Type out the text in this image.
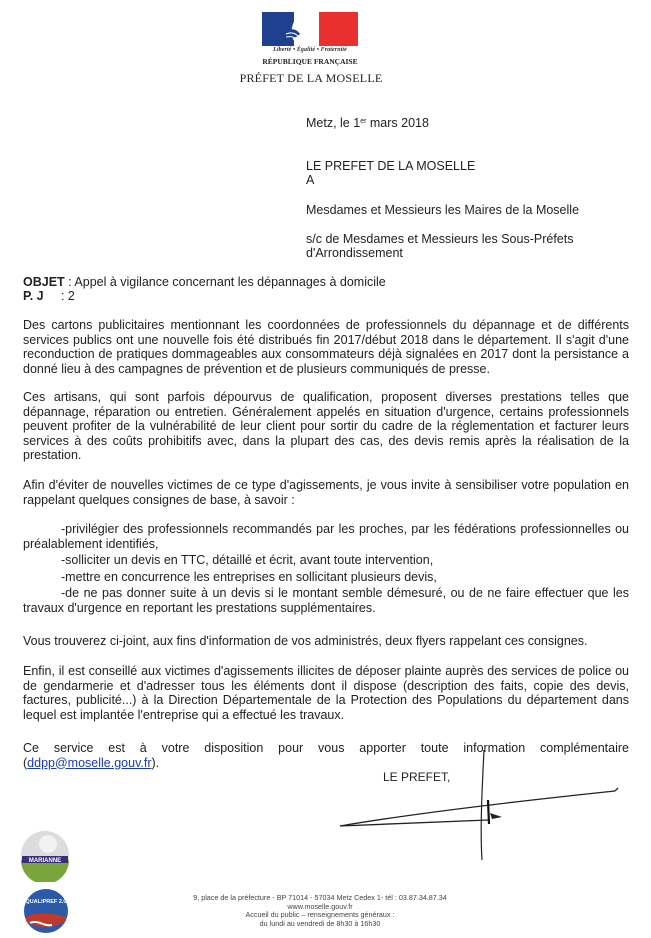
Liberté • Égalité • Fraternité
RÉPUBLIQUE FRANÇAISE
PRÉFET DE LA MOSELLE
Metz, le 1er mars 2018
LE PREFET DE LA MOSELLE
A
Mesdames et Messieurs les Maires de la Moselle
s/c de Mesdames et Messieurs les Sous-Préfets
d'Arrondissement
OBJET : Appel à vigilance concernant les dépannages à domicile
P. J     : 2

Des cartons publicitaires mentionnant les coordonnées de professionnels du dépannage et de différents services publics ont une nouvelle fois été distribués fin 2017/début 2018 dans le département. Il s'agit d'une reconduction de pratiques dommageables aux consommateurs déjà signalées en 2017 dont la persistance a donné lieu à des campagnes de prévention et de plusieurs communiqués de presse.

Ces artisans, qui sont parfois dépourvus de qualification, proposent diverses prestations telles que dépannage, réparation ou entretien. Généralement appelés en situation d'urgence, certains professionnels peuvent profiter de la vulnérabilité de leur client pour sortir du cadre de la réglementation et facturer leurs services à des coûts prohibitifs avec, dans la plupart des cas, des devis remis après la réalisation de la prestation.

Afin d'éviter de nouvelles victimes de ce type d'agissements, je vous invite à sensibiliser votre population en rappelant quelques consignes de base, à savoir :

-privilégier des professionnels recommandés par les proches, par les fédérations professionnelles ou préalablement identifiés,

-solliciter un devis en TTC, détaillé et écrit, avant toute intervention,

-mettre en concurrence les entreprises en sollicitant plusieurs devis,

-de ne pas donner suite à un devis si le montant semble démesuré, ou de ne faire effectuer que les travaux d'urgence en reportant les prestations supplémentaires.

Vous trouverez ci-joint, aux fins d'information de vos administrés, deux flyers rappelant ces consignes.

Enfin, il est conseillé aux victimes d'agissements illicites de déposer plainte auprès des services de police ou de gendarmerie et d'adresser tous les éléments dont il dispose (description des faits, copie des devis, factures, publicité...) à la Direction Départementale de la Protection des Populations du département dans lequel est implantée l'entreprise qui a effectué les travaux.

Ce service est à votre disposition pour vous apporter toute information complémentaire (ddpp@moselle.gouv.fr).

LE PREFET,
MARIANNE
QUALIPREF 2.0	9, place de la préfecture - BP 71014 - 57034 Metz Cedex 1- tél : 03.87.34.87.34
www.moselle.gouv.fr
Accueil du public – renseignements généraux :
du lundi au vendredi de 8h30 à 16h30
